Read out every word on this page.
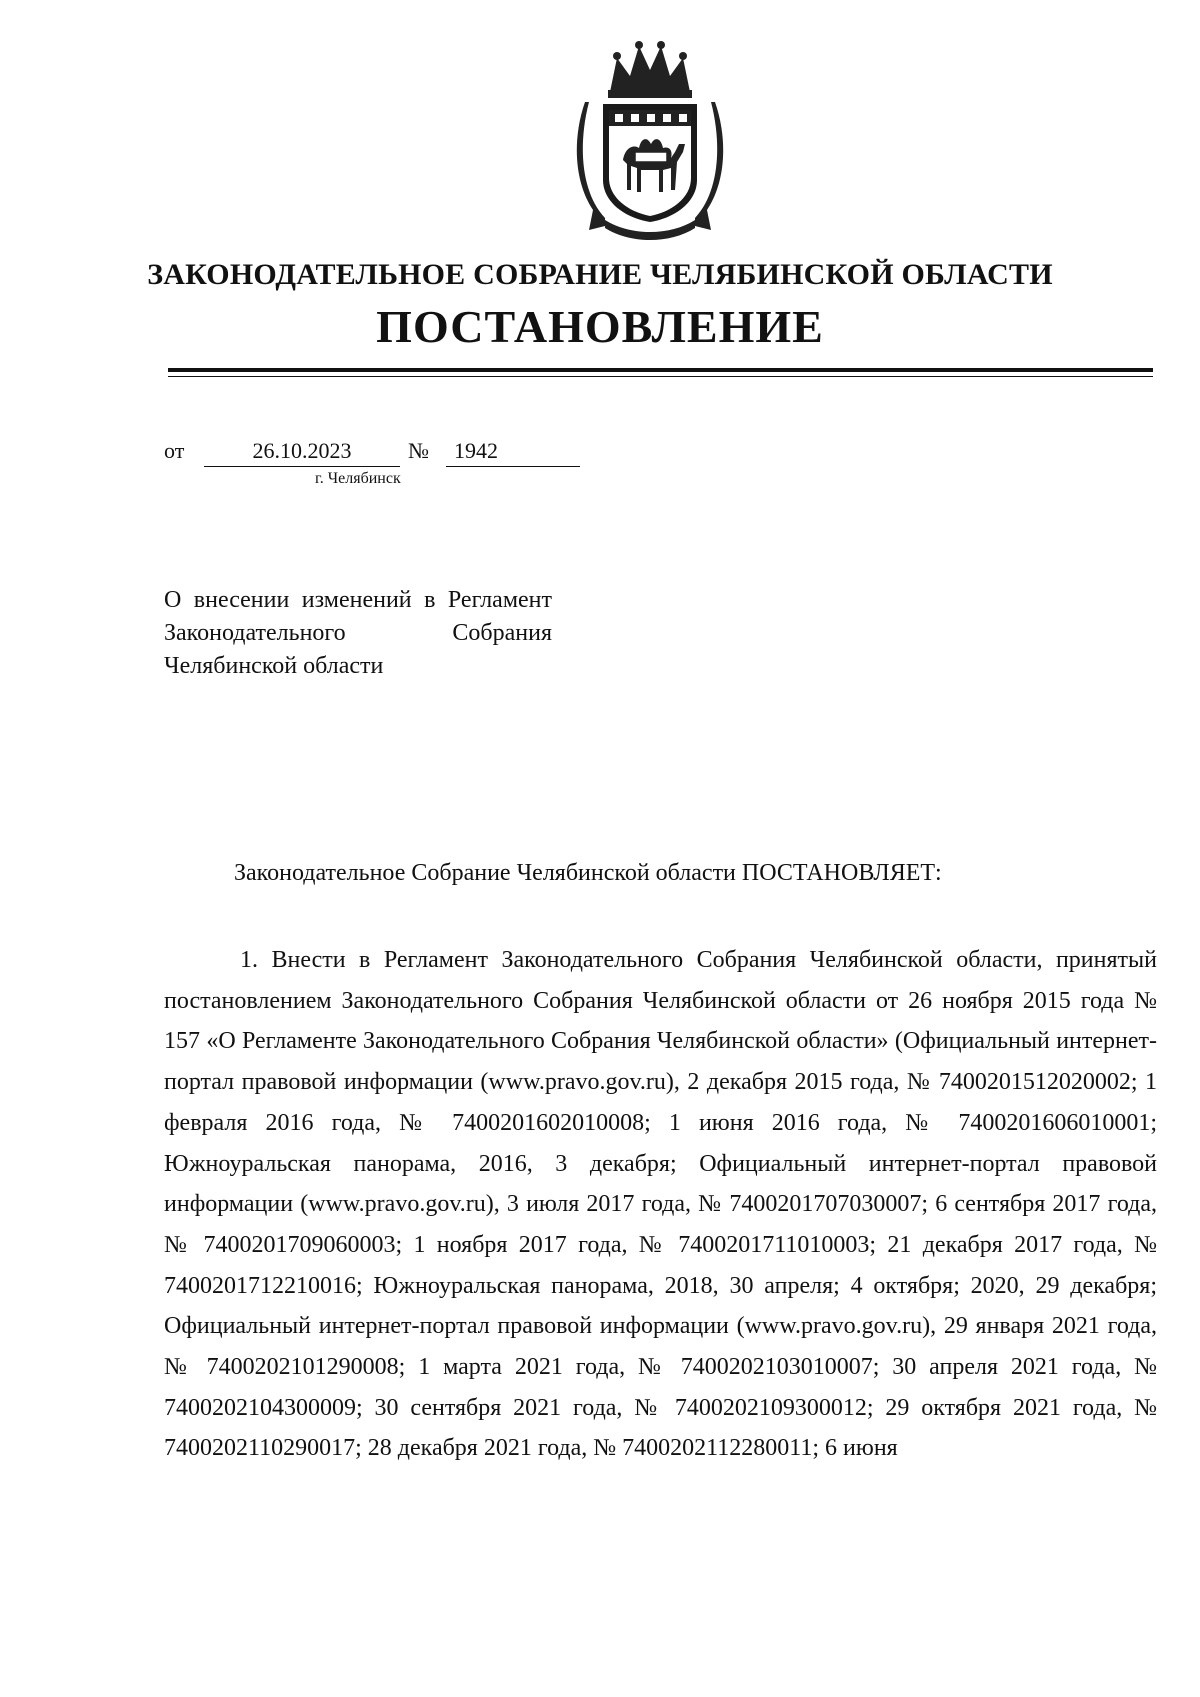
ЗАКОНОДАТЕЛЬНОЕ СОБРАНИЕ ЧЕЛЯБИНСКОЙ ОБЛАСТИ
ПОСТАНОВЛЕНИЕ
от	26.10.2023	№	1942
г. Челябинск
О внесении изменений в Регламент Законодательного Собрания Челябинской области
Законодательное Собрание Челябинской области ПОСТАНОВЛЯЕТ:
1. Внести в Регламент Законодательного Собрания Челябинской области, принятый постановлением Законодательного Собрания Челябинской области от 26 ноября 2015 года № 157 «О Регламенте Законодательного Собрания Челябинской области» (Официальный интернет-портал правовой информации (www.pravo.gov.ru), 2 декабря 2015 года, № 7400201512020002; 1 февраля 2016 года, № 7400201602010008; 1 июня 2016 года, № 7400201606010001; Южноуральская панорама, 2016, 3 декабря; Официальный интернет-портал правовой информации (www.pravo.gov.ru), 3 июля 2017 года, № 7400201707030007; 6 сентября 2017 года, № 7400201709060003; 1 ноября 2017 года, № 7400201711010003; 21 декабря 2017 года, № 7400201712210016; Южноуральская панорама, 2018, 30 апреля; 4 октября; 2020, 29 декабря; Официальный интернет-портал правовой информации (www.pravo.gov.ru), 29 января 2021 года, № 7400202101290008; 1 марта 2021 года, № 7400202103010007; 30 апреля 2021 года, № 7400202104300009; 30 сентября 2021 года, № 7400202109300012; 29 октября 2021 года, № 7400202110290017; 28 декабря 2021 года, № 7400202112280011; 6 июня
